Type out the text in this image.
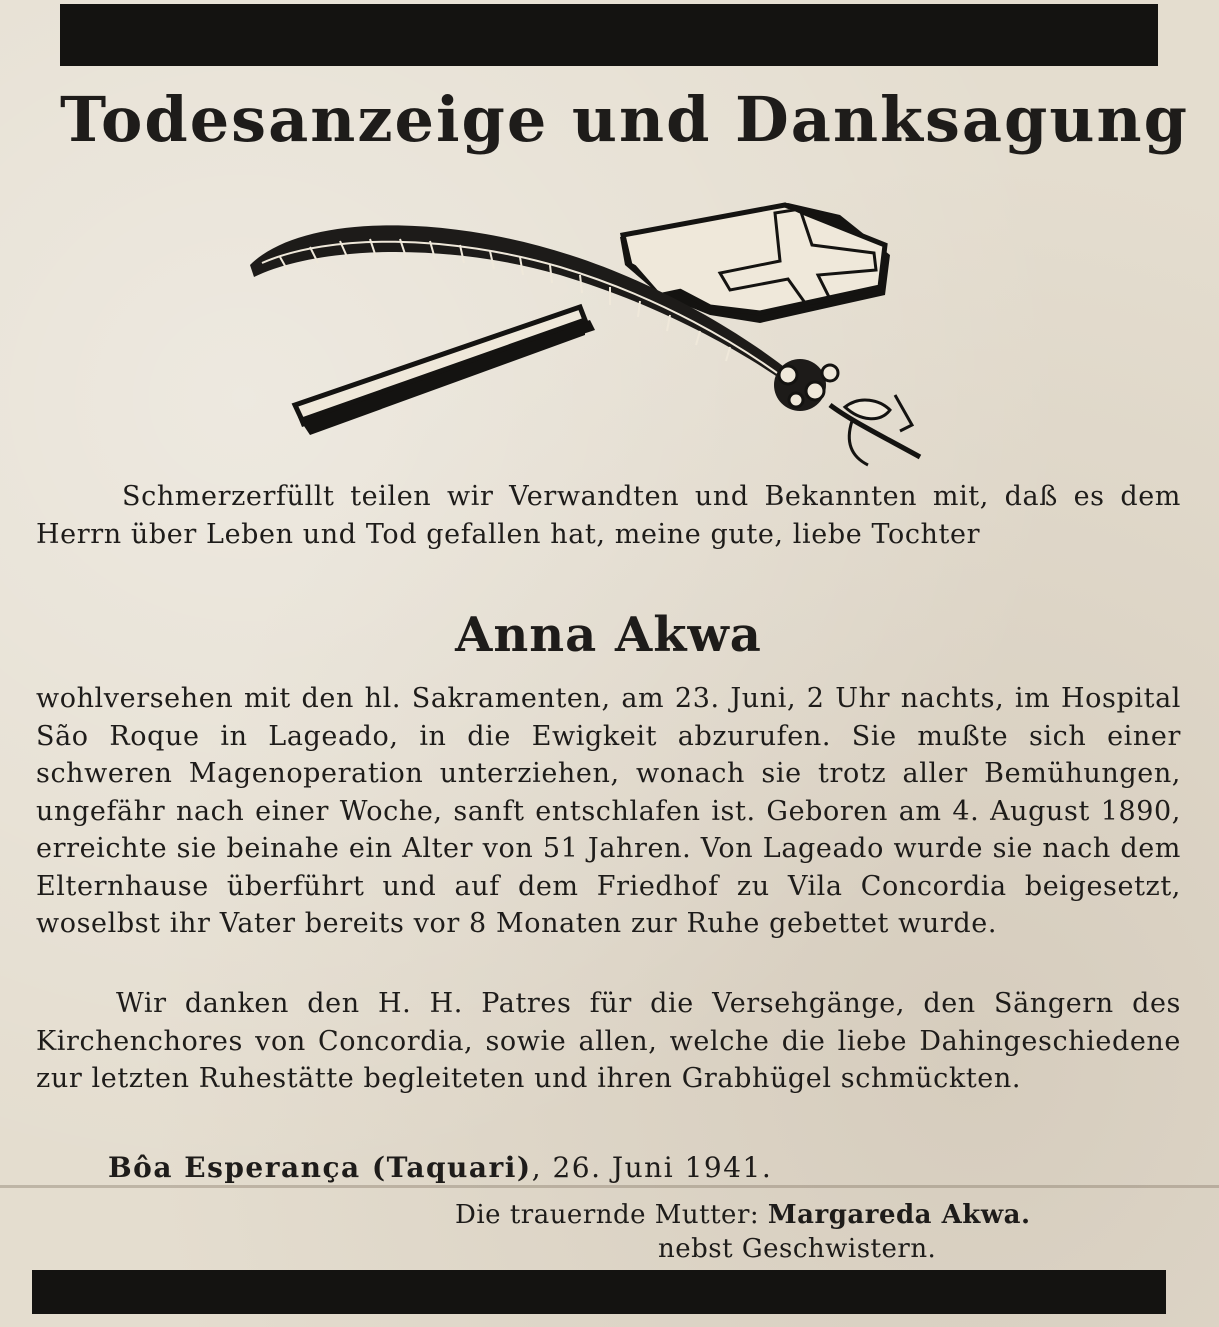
Todesanzeige und Danksagung
Schmerzerfüllt teilen wir Verwandten und Bekannten mit, daß es dem Herrn über Leben und Tod gefallen hat, meine gute, liebe Tochter
Anna Akwa
wohlversehen mit den hl. Sakramenten, am 23. Juni, 2 Uhr nachts, im Hospital São Roque in Lageado, in die Ewigkeit abzurufen. Sie mußte sich einer schweren Magenoperation unterziehen, wonach sie trotz aller Bemühungen, ungefähr nach einer Woche, sanft entschlafen ist. Geboren am 4. August 1890, erreichte sie beinahe ein Alter von 51 Jahren. Von Lageado wurde sie nach dem Elternhause überführt und auf dem Friedhof zu Vila Concordia beigesetzt, woselbst ihr Vater bereits vor 8 Monaten zur Ruhe gebettet wurde.
Wir danken den H. H. Patres für die Versehgänge, den Sängern des Kirchenchores von Concordia, sowie allen, welche die liebe Dahingeschiedene zur letzten Ruhestätte begleiteten und ihren Grabhügel schmückten.
Bôa Esperança (Taquari), 26. Juni 1941.
Die trauernde Mutter: Margareda Akwa.
nebst Geschwistern.
